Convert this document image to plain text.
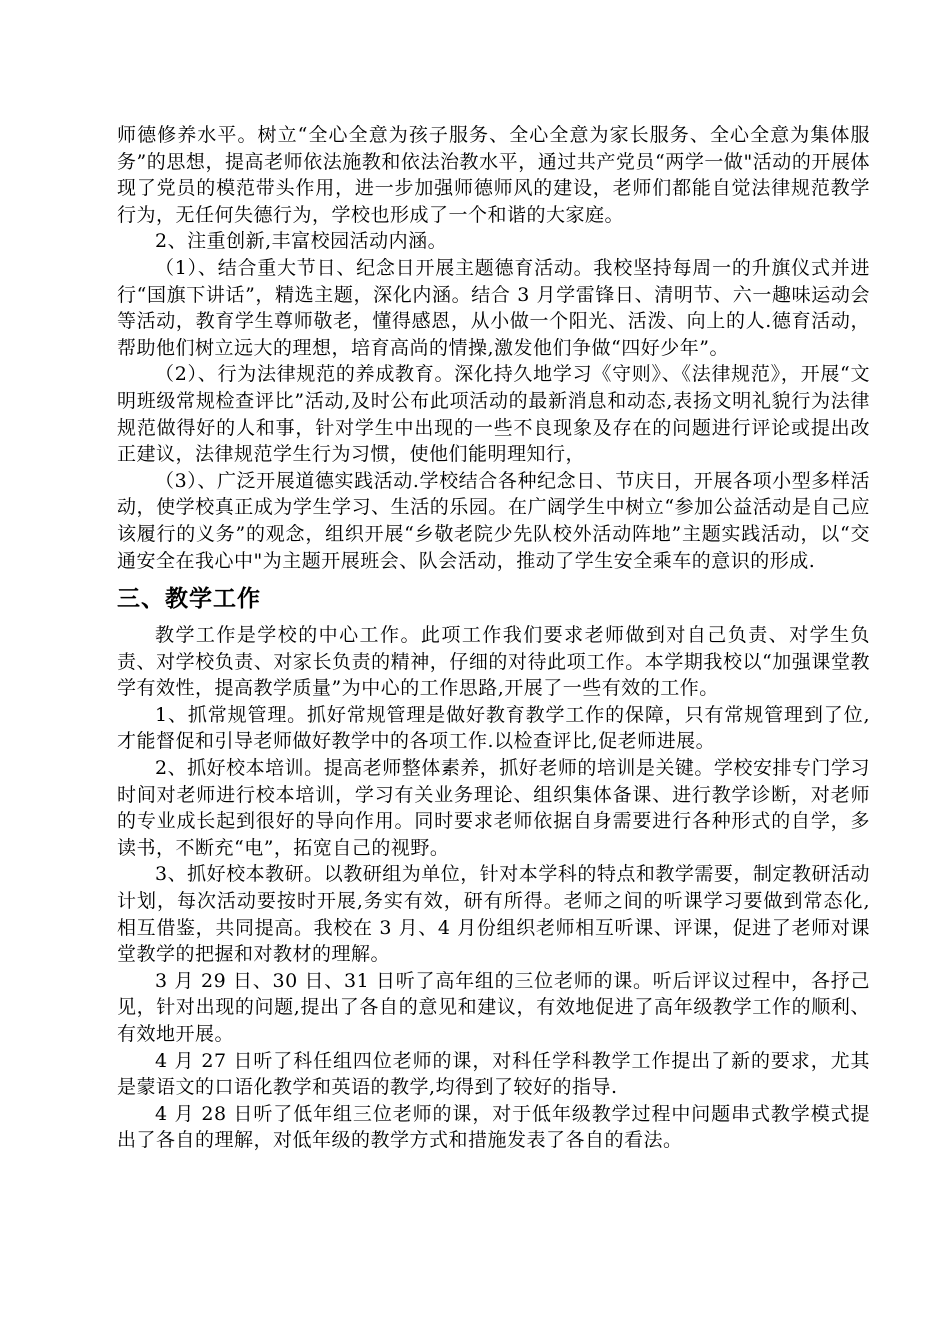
师德修养水平。树立“全心全意为孩子服务、全心全意为家长服务、全心全意为集体服务”的思想，提高老师依法施教和依法治教水平，通过共产党员“两学一做"活动的开展体现了党员的模范带头作用，进一步加强师德师风的建设，老师们都能自觉法律规范教学行为，无任何失德行为，学校也形成了一个和谐的大家庭。

2、注重创新,丰富校园活动内涵。

（1）、结合重大节日、纪念日开展主题德育活动。我校坚持每周一的升旗仪式并进行“国旗下讲话”，精选主题，深化内涵。结合 3 月学雷锋日、清明节、六一趣味运动会等活动，教育学生尊师敬老，懂得感恩，从小做一个阳光、活泼、向上的人.德育活动，帮助他们树立远大的理想，培育高尚的情操,激发他们争做“四好少年”。

（2）、行为法律规范的养成教育。深化持久地学习《守则》、《法律规范》，开展“文明班级常规检查评比”活动,及时公布此项活动的最新消息和动态,表扬文明礼貌行为法律规范做得好的人和事，针对学生中出现的一些不良现象及存在的问题进行评论或提出改正建议，法律规范学生行为习惯，使他们能明理知行，

（3）、广泛开展道德实践活动.学校结合各种纪念日、节庆日，开展各项小型多样活动，使学校真正成为学生学习、生活的乐园。在广阔学生中树立“参加公益活动是自己应该履行的义务”的观念，组织开展“乡敬老院少先队校外活动阵地”主题实践活动，以“交通安全在我心中"为主题开展班会、队会活动，推动了学生安全乘车的意识的形成.

三、教学工作

教学工作是学校的中心工作。此项工作我们要求老师做到对自己负责、对学生负责、对学校负责、对家长负责的精神，仔细的对待此项工作。本学期我校以“加强课堂教学有效性，提高教学质量”为中心的工作思路,开展了一些有效的工作。

1、抓常规管理。抓好常规管理是做好教育教学工作的保障，只有常规管理到了位,才能督促和引导老师做好教学中的各项工作.以检查评比,促老师进展。

2、抓好校本培训。提高老师整体素养，抓好老师的培训是关键。学校安排专门学习时间对老师进行校本培训，学习有关业务理论、组织集体备课、进行教学诊断，对老师的专业成长起到很好的导向作用。同时要求老师依据自身需要进行各种形式的自学，多读书，不断充“电”，拓宽自己的视野。

3、抓好校本教研。以教研组为单位，针对本学科的特点和教学需要，制定教研活动计划，每次活动要按时开展,务实有效，研有所得。老师之间的听课学习要做到常态化,相互借鉴，共同提高。我校在 3 月、4 月份组织老师相互听课、评课，促进了老师对课堂教学的把握和对教材的理解。

3 月 29 日、30 日、31 日听了高年组的三位老师的课。听后评议过程中，各抒己见，针对出现的问题,提出了各自的意见和建议，有效地促进了高年级教学工作的顺利、有效地开展。

4 月 27 日听了科任组四位老师的课，对科任学科教学工作提出了新的要求，尤其是蒙语文的口语化教学和英语的教学,均得到了较好的指导.

4 月 28 日听了低年组三位老师的课，对于低年级教学过程中问题串式教学模式提出了各自的理解，对低年级的教学方式和措施发表了各自的看法。
